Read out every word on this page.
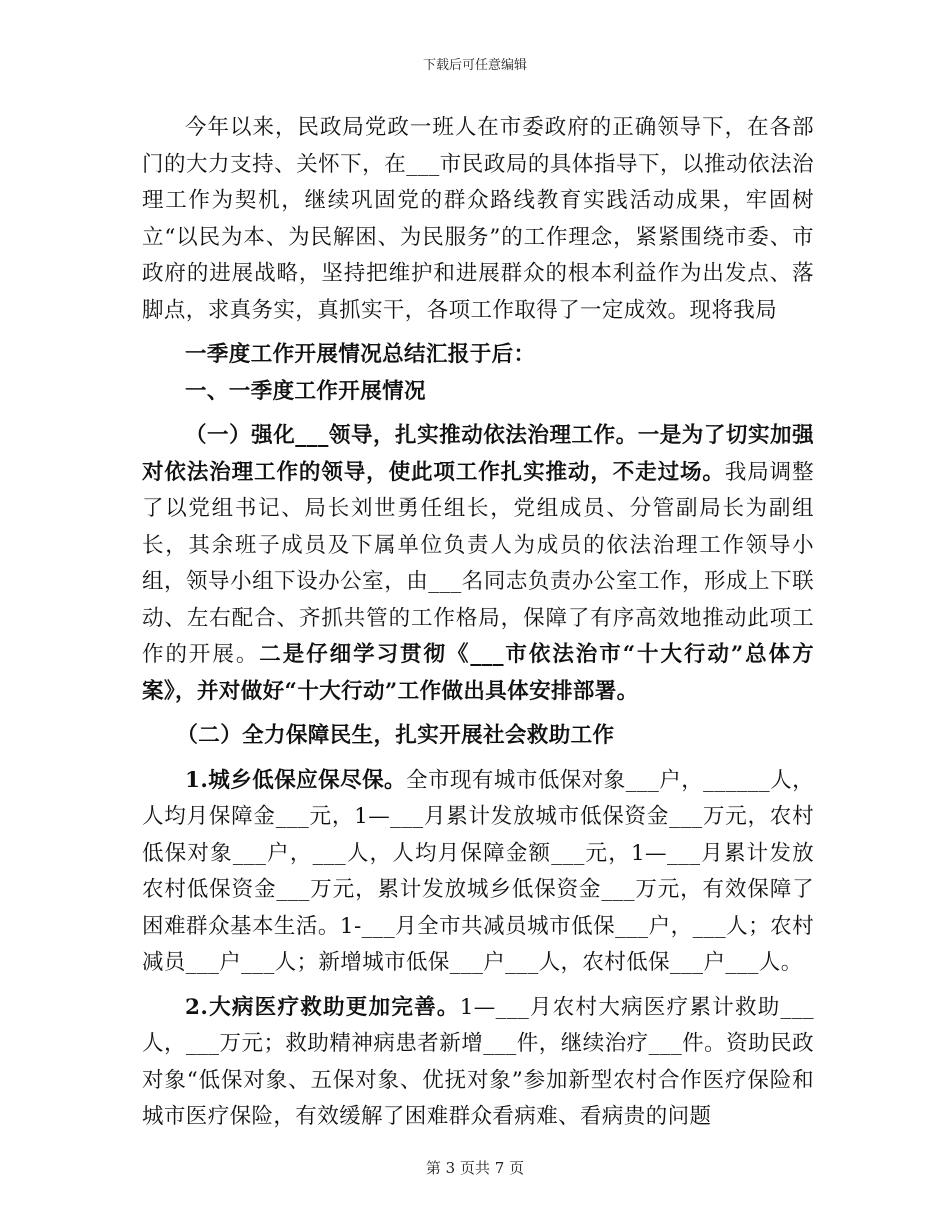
下载后可任意编辑

今年以来，民政局党政一班人在市委政府的正确领导下，在各部门的大力支持、关怀下，在___市民政局的具体指导下，以推动依法治理工作为契机，继续巩固党的群众路线教育实践活动成果，牢固树立“以民为本、为民解困、为民服务”的工作理念，紧紧围绕市委、市政府的进展战略，坚持把维护和进展群众的根本利益作为出发点、落脚点，求真务实，真抓实干，各项工作取得了一定成效。现将我局

一季度工作开展情况总结汇报于后：

一、一季度工作开展情况

（一）强化___领导，扎实推动依法治理工作。一是为了切实加强对依法治理工作的领导，使此项工作扎实推动，不走过场。我局调整了以党组书记、局长刘世勇任组长，党组成员、分管副局长为副组长，其余班子成员及下属单位负责人为成员的依法治理工作领导小组，领导小组下设办公室，由___名同志负责办公室工作，形成上下联动、左右配合、齐抓共管的工作格局，保障了有序高效地推动此项工作的开展。二是仔细学习贯彻《___市依法治市“十大行动”总体方案》，并对做好“十大行动”工作做出具体安排部署。

（二）全力保障民生，扎实开展社会救助工作

1.城乡低保应保尽保。全市现有城市低保对象___户，______人，人均月保障金___元，1—___月累计发放城市低保资金___万元，农村低保对象___户，___人，人均月保障金额___元，1—___月累计发放农村低保资金___万元，累计发放城乡低保资金___万元，有效保障了困难群众基本生活。1-___月全市共减员城市低保___户，___人；农村减员___户___人；新增城市低保___户___人，农村低保___户___人。

2.大病医疗救助更加完善。1—___月农村大病医疗累计救助___人，___万元；救助精神病患者新增___件，继续治疗___件。资助民政对象“低保对象、五保对象、优抚对象”参加新型农村合作医疗保险和城市医疗保险，有效缓解了困难群众看病难、看病贵的问题

第 3 页共 7 页
